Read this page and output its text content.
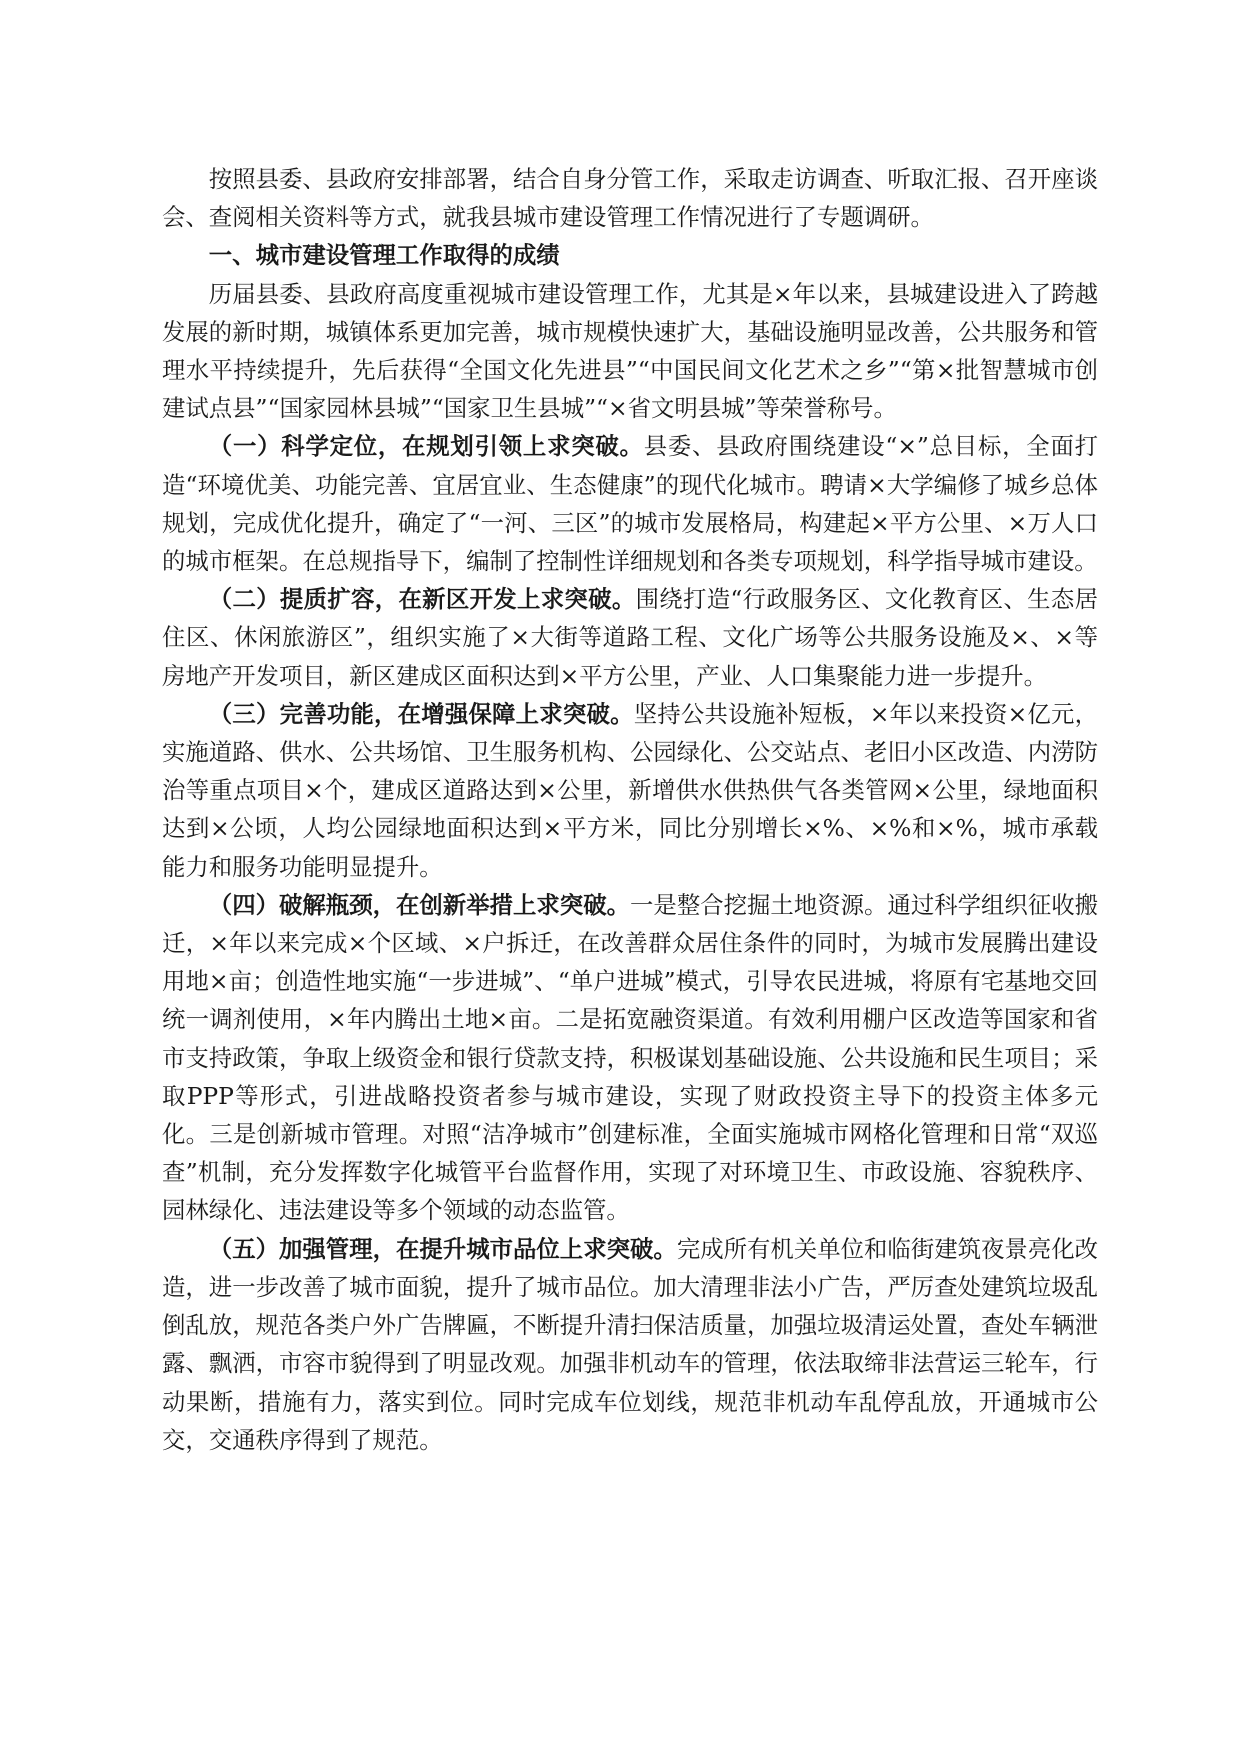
按照县委、县政府安排部署，结合自身分管工作，采取走访调查、听取汇报、召开座谈会、查阅相关资料等方式，就我县城市建设管理工作情况进行了专题调研。

一、城市建设管理工作取得的成绩

历届县委、县政府高度重视城市建设管理工作，尤其是×年以来，县城建设进入了跨越发展的新时期，城镇体系更加完善，城市规模快速扩大，基础设施明显改善，公共服务和管理水平持续提升，先后获得“全国文化先进县”“中国民间文化艺术之乡”“第×批智慧城市创建试点县”“国家园林县城”“国家卫生县城”“×省文明县城”等荣誉称号。

（一）科学定位，在规划引领上求突破。县委、县政府围绕建设“×”总目标，全面打造“环境优美、功能完善、宜居宜业、生态健康”的现代化城市。聘请×大学编修了城乡总体规划，完成优化提升，确定了“一河、三区”的城市发展格局，构建起×平方公里、×万人口的城市框架。在总规指导下，编制了控制性详细规划和各类专项规划，科学指导城市建设。

（二）提质扩容，在新区开发上求突破。围绕打造“行政服务区、文化教育区、生态居住区、休闲旅游区”，组织实施了×大街等道路工程、文化广场等公共服务设施及×、×等房地产开发项目，新区建成区面积达到×平方公里，产业、人口集聚能力进一步提升。

（三）完善功能，在增强保障上求突破。坚持公共设施补短板，×年以来投资×亿元，实施道路、供水、公共场馆、卫生服务机构、公园绿化、公交站点、老旧小区改造、内涝防治等重点项目×个，建成区道路达到×公里，新增供水供热供气各类管网×公里，绿地面积达到×公顷，人均公园绿地面积达到×平方米，同比分别增长×%、×%和×%，城市承载能力和服务功能明显提升。

（四）破解瓶颈，在创新举措上求突破。一是整合挖掘土地资源。通过科学组织征收搬迁，×年以来完成×个区域、×户拆迁，在改善群众居住条件的同时，为城市发展腾出建设用地×亩；创造性地实施“一步进城”、“单户进城”模式，引导农民进城，将原有宅基地交回统一调剂使用，×年内腾出土地×亩。二是拓宽融资渠道。有效利用棚户区改造等国家和省市支持政策，争取上级资金和银行贷款支持，积极谋划基础设施、公共设施和民生项目；采取PPP等形式，引进战略投资者参与城市建设，实现了财政投资主导下的投资主体多元化。三是创新城市管理。对照“洁净城市”创建标准，全面实施城市网格化管理和日常“双巡查”机制，充分发挥数字化城管平台监督作用，实现了对环境卫生、市政设施、容貌秩序、园林绿化、违法建设等多个领域的动态监管。

（五）加强管理，在提升城市品位上求突破。完成所有机关单位和临街建筑夜景亮化改造，进一步改善了城市面貌，提升了城市品位。加大清理非法小广告，严厉查处建筑垃圾乱倒乱放，规范各类户外广告牌匾，不断提升清扫保洁质量，加强垃圾清运处置，查处车辆泄露、飘洒，市容市貌得到了明显改观。加强非机动车的管理，依法取缔非法营运三轮车，行动果断，措施有力，落实到位。同时完成车位划线，规范非机动车乱停乱放，开通城市公交，交通秩序得到了规范。
